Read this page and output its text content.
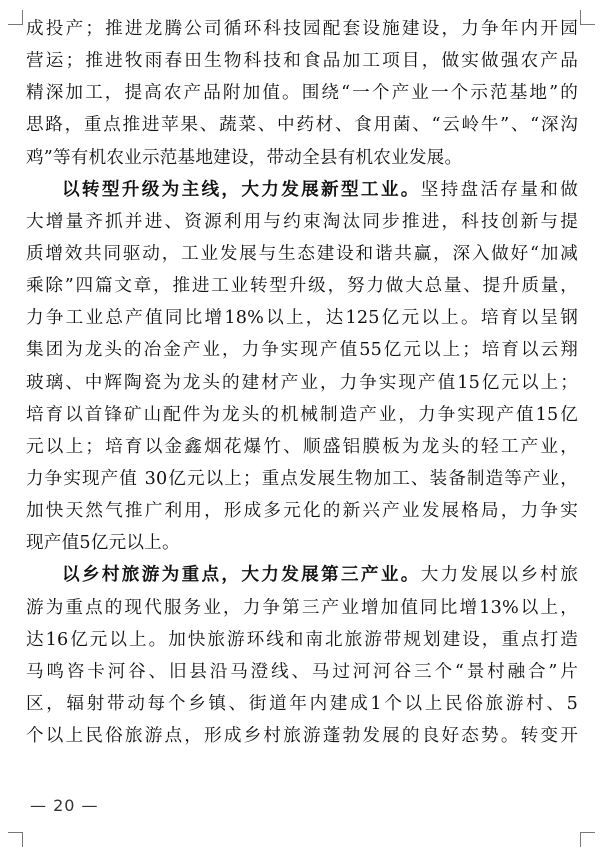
成投产；推进龙腾公司循环科技园配套设施建设，力争年内开园
营运；推进牧雨春田生物科技和食品加工项目，做实做强农产品
精深加工，提高农产品附加值。围绕“一个产业一个示范基地”的
思路，重点推进苹果、蔬菜、中药材、食用菌、“云岭牛”、“深沟
鸡”等有机农业示范基地建设，带动全县有机农业发展。
以转型升级为主线，大力发展新型工业。坚持盘活存量和做
大增量齐抓并进、资源利用与约束淘汰同步推进，科技创新与提
质增效共同驱动，工业发展与生态建设和谐共赢，深入做好“加减
乘除”四篇文章，推进工业转型升级，努力做大总量、提升质量，
力争工业总产值同比增18%以上，达125亿元以上。培育以呈钢
集团为龙头的冶金产业，力争实现产值55亿元以上；培育以云翔
玻璃、中辉陶瓷为龙头的建材产业，力争实现产值15亿元以上；
培育以首锋矿山配件为龙头的机械制造产业，力争实现产值15亿
元以上；培育以金鑫烟花爆竹、顺盛铝膜板为龙头的轻工产业，
力争实现产值 30亿元以上；重点发展生物加工、装备制造等产业，
加快天然气推广利用，形成多元化的新兴产业发展格局，力争实
现产值5亿元以上。
以乡村旅游为重点，大力发展第三产业。大力发展以乡村旅
游为重点的现代服务业，力争第三产业增加值同比增13%以上，
达16亿元以上。加快旅游环线和南北旅游带规划建设，重点打造
马鸣咨卡河谷、旧县沿马澄线、马过河河谷三个“景村融合”片
区，辐射带动每个乡镇、街道年内建成1个以上民俗旅游村、5
个以上民俗旅游点，形成乡村旅游蓬勃发展的良好态势。转变开
— 20 —
